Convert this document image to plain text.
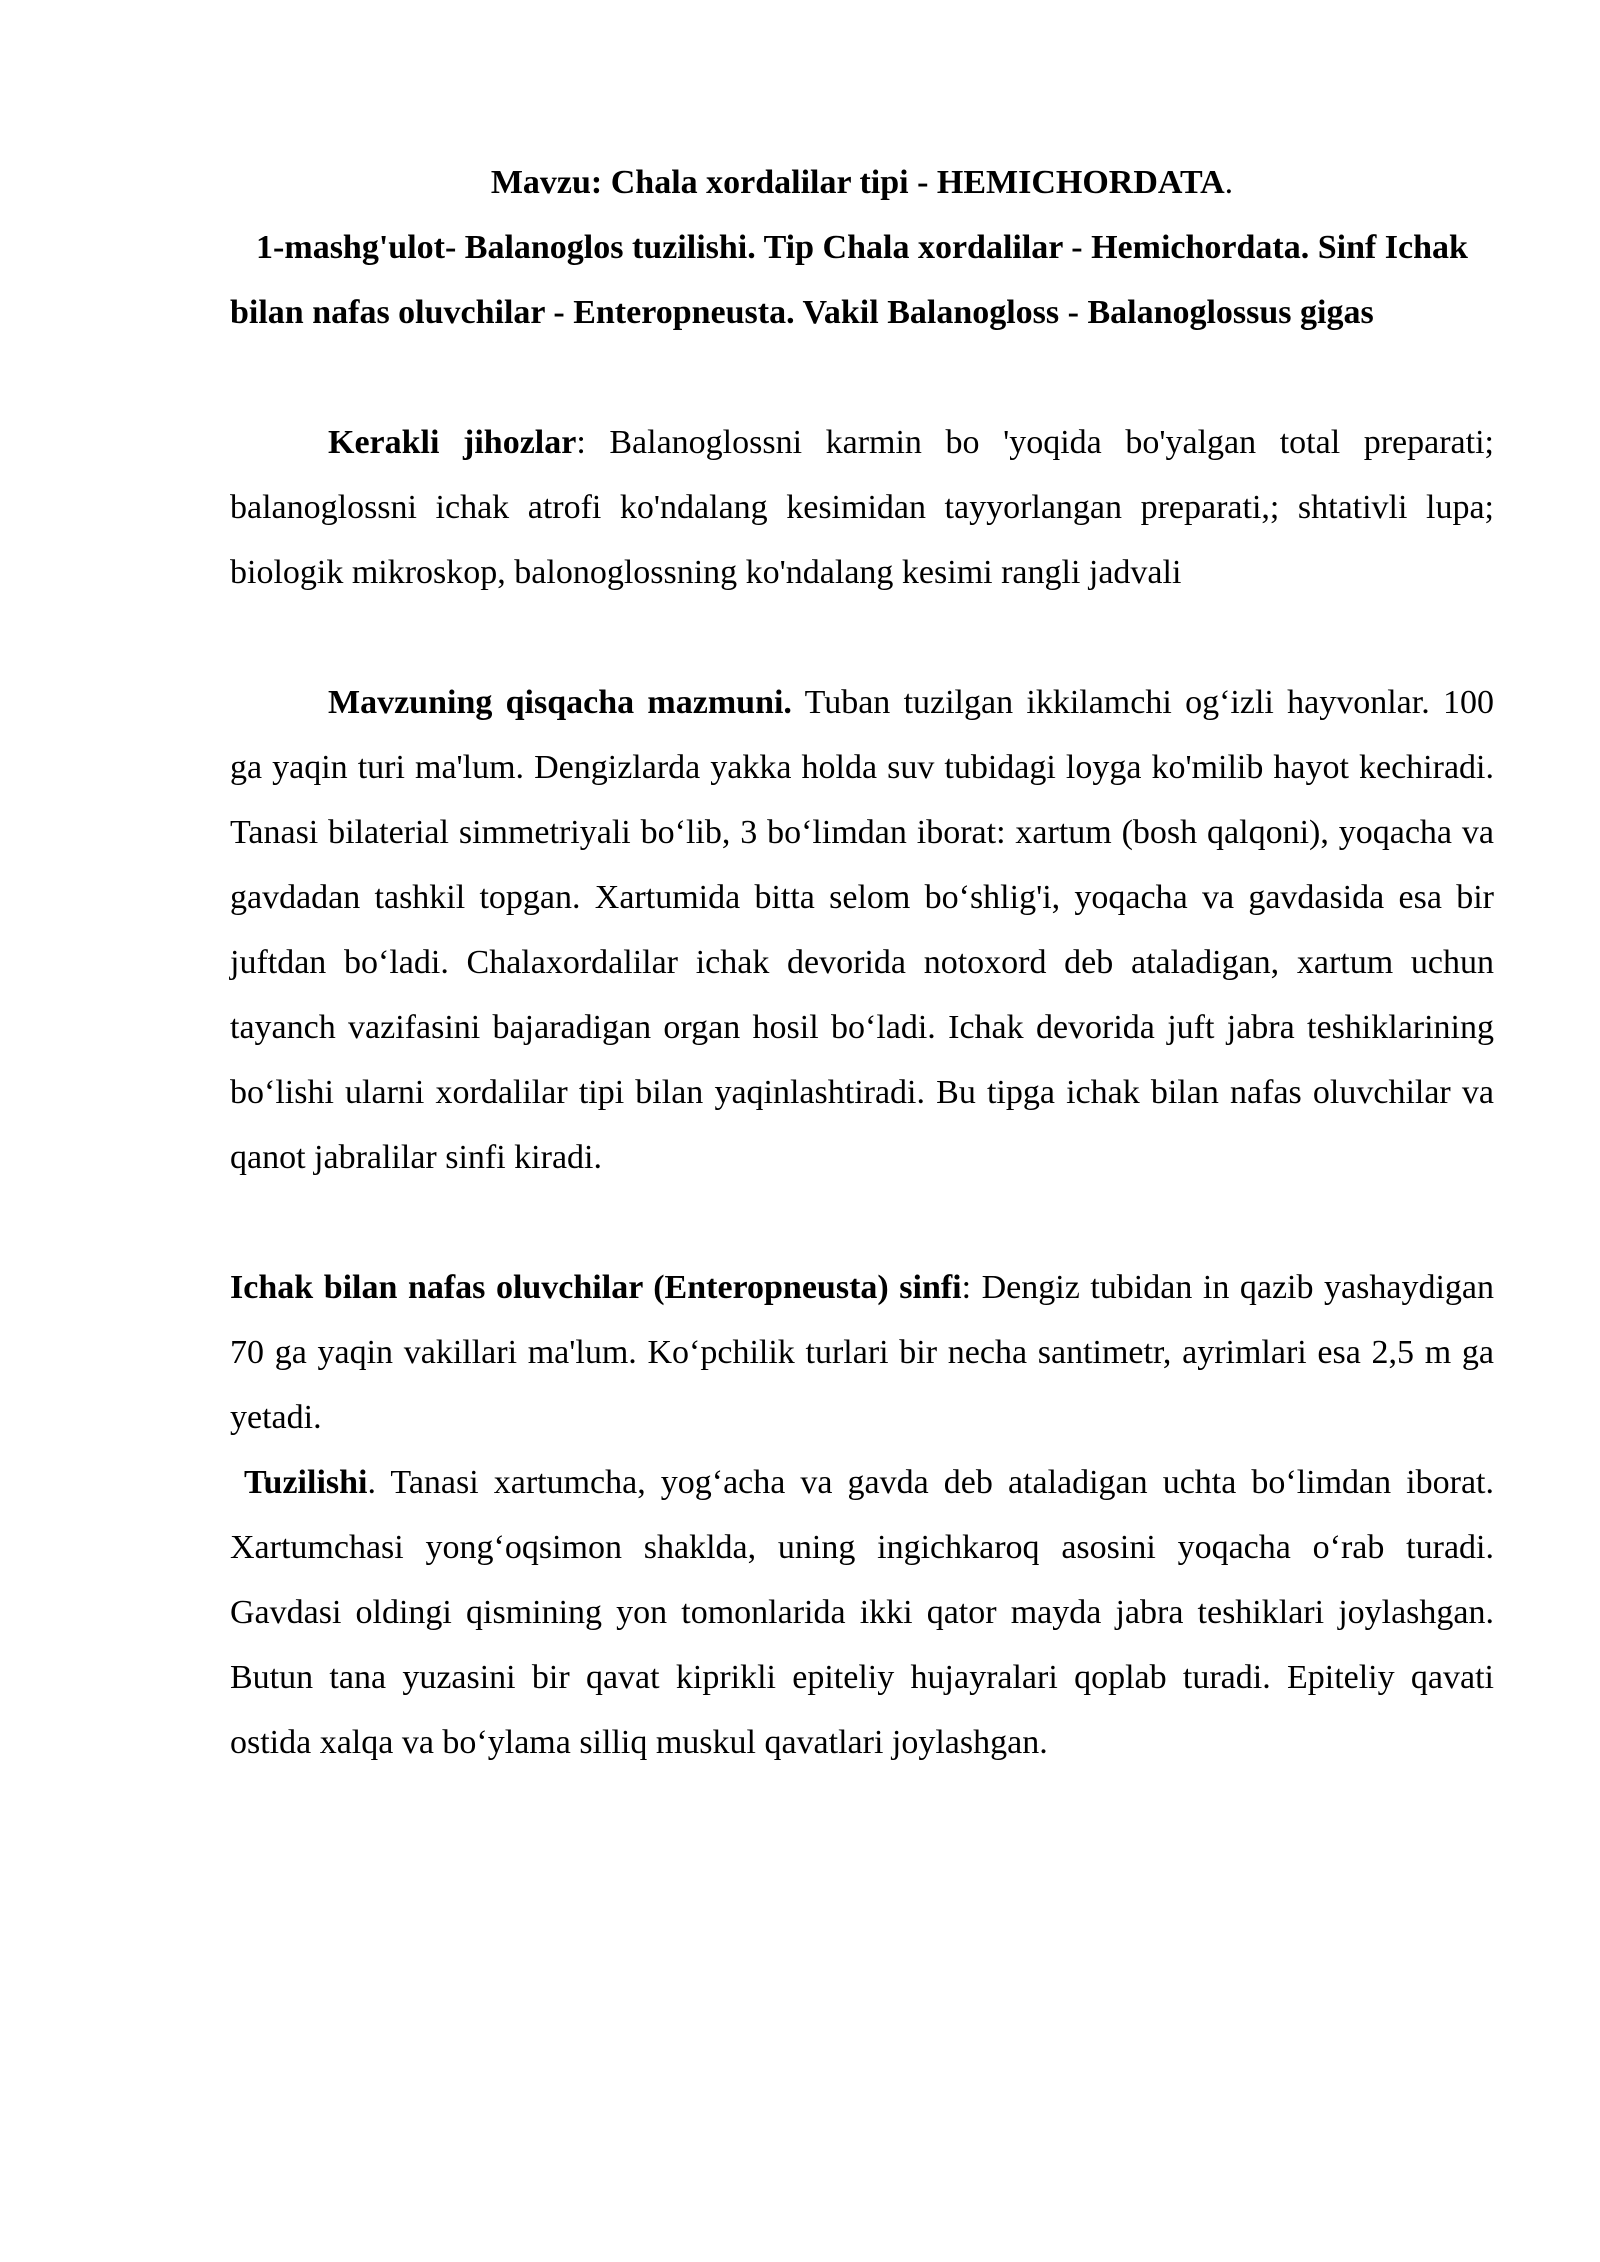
Mavzu: Chala xordalilar tipi - HEMICHORDATA.

1-mashg'ulot- Balanoglos tuzilishi. Tip Chala xordalilar - Hemichordata. Sinf Ichak bilan nafas oluvchilar - Enteropneusta. Vakil Balanogloss - Balanoglossus gigas

Kerakli jihozlar: Balanoglossni karmin bo 'yoqida bo'yalgan total preparati; balanoglossni ichak atrofi ko'ndalang kesimidan tayyorlangan preparati,; shtativli lupa; biologik mikroskop, balonoglossning ko'ndalang kesimi rangli jadvali

Mavzuning qisqacha mazmuni. Tuban tuzilgan ikkilamchi og‘izli hayvonlar. 100 ga yaqin turi ma'lum. Dengizlarda yakka holda suv tubidagi loyga ko'milib hayot kechiradi. Tanasi bilaterial simmetriyali bo‘lib, 3 bo‘limdan iborat: xartum (bosh qalqoni), yoqacha va gavdadan tashkil topgan. Xartumida bitta selom bo‘shlig'i, yoqacha va gavdasida esa bir juftdan bo‘ladi. Chalaxordalilar ichak devorida notoxord deb ataladigan, xartum uchun tayanch vazifasini bajaradigan organ hosil bo‘ladi. Ichak devorida juft jabra teshiklarining bo‘lishi ularni xordalilar tipi bilan yaqinlashtiradi. Bu tipga ichak bilan nafas oluvchilar va qanot jabralilar sinfi kiradi.

Ichak bilan nafas oluvchilar (Enteropneusta) sinfi: Dengiz tubidan in qazib yashaydigan 70 ga yaqin vakillari ma'lum. Ko‘pchilik turlari bir necha santimetr, ayrimlari esa 2,5 m ga yetadi.

Tuzilishi. Tanasi xartumcha, yog‘acha va gavda deb ataladigan uchta bo‘limdan iborat. Xartumchasi yong‘oqsimon shaklda, uning ingichkaroq asosini yoqacha o‘rab turadi. Gavdasi oldingi qismining yon tomonlarida ikki qator mayda jabra teshiklari joylashgan. Butun tana yuzasini bir qavat kiprikli epiteliy hujayralari qoplab turadi. Epiteliy qavati ostida xalqa va bo‘ylama silliq muskul qavatlari joylashgan.
